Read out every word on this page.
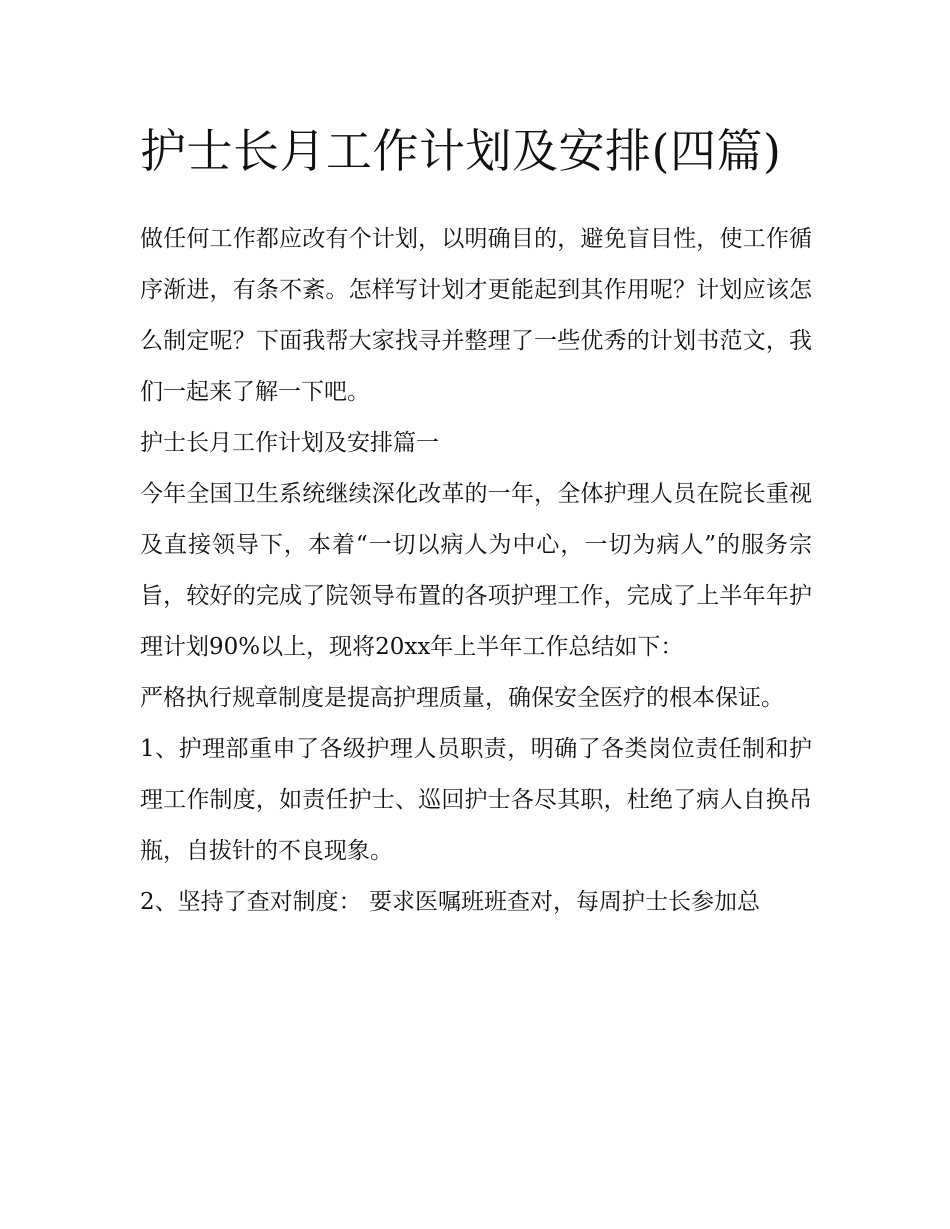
护士长月工作计划及安排(四篇)

做任何工作都应改有个计划，以明确目的，避免盲目性，使工作循序渐进，有条不紊。怎样写计划才更能起到其作用呢？计划应该怎么制定呢？下面我帮大家找寻并整理了一些优秀的计划书范文，我们一起来了解一下吧。

护士长月工作计划及安排篇一

今年全国卫生系统继续深化改革的一年，全体护理人员在院长重视及直接领导下，本着“一切以病人为中心，一切为病人”的服务宗旨，较好的完成了院领导布置的各项护理工作，完成了上半年年护理计划90%以上，现将20xx年上半年工作总结如下：

严格执行规章制度是提高护理质量，确保安全医疗的根本保证。

1、护理部重申了各级护理人员职责，明确了各类岗位责任制和护理工作制度，如责任护士、巡回护士各尽其职，杜绝了病人自换吊瓶，自拔针的不良现象。

2、坚持了查对制度： 要求医嘱班班查对，每周护士长参加总
